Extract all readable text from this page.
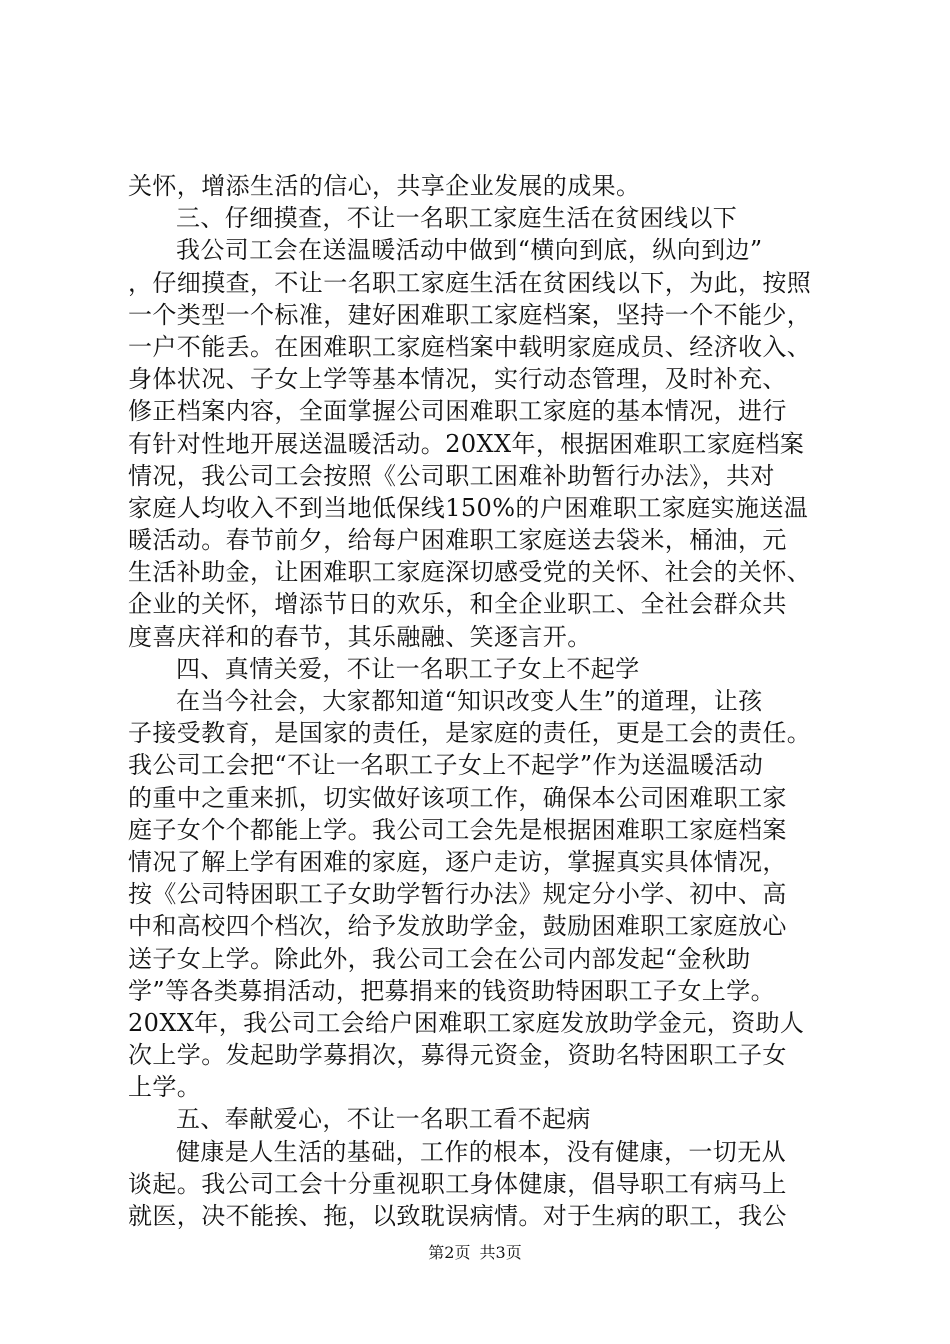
关怀，增添生活的信心，共享企业发展的成果。
三、仔细摸查，不让一名职工家庭生活在贫困线以下
我公司工会在送温暖活动中做到“横向到底，纵向到边”
，仔细摸查，不让一名职工家庭生活在贫困线以下，为此，按照
一个类型一个标准，建好困难职工家庭档案，坚持一个不能少，
一户不能丢。在困难职工家庭档案中载明家庭成员、经济收入、
身体状况、子女上学等基本情况，实行动态管理，及时补充、
修正档案内容，全面掌握公司困难职工家庭的基本情况，进行
有针对性地开展送温暖活动。20XX年，根据困难职工家庭档案
情况，我公司工会按照《公司职工困难补助暂行办法》，共对
家庭人均收入不到当地低保线150%的户困难职工家庭实施送温
暖活动。春节前夕，给每户困难职工家庭送去袋米，桶油，元
生活补助金，让困难职工家庭深切感受党的关怀、社会的关怀、
企业的关怀，增添节日的欢乐，和全企业职工、全社会群众共
度喜庆祥和的春节，其乐融融、笑逐言开。
四、真情关爱，不让一名职工子女上不起学
在当今社会，大家都知道“知识改变人生”的道理，让孩
子接受教育，是国家的责任，是家庭的责任，更是工会的责任。
我公司工会把“不让一名职工子女上不起学”作为送温暖活动
的重中之重来抓，切实做好该项工作，确保本公司困难职工家
庭子女个个都能上学。我公司工会先是根据困难职工家庭档案
情况了解上学有困难的家庭，逐户走访，掌握真实具体情况，
按《公司特困职工子女助学暂行办法》规定分小学、初中、高
中和高校四个档次，给予发放助学金，鼓励困难职工家庭放心
送子女上学。除此外，我公司工会在公司内部发起“金秋助
学”等各类募捐活动，把募捐来的钱资助特困职工子女上学。
20XX年，我公司工会给户困难职工家庭发放助学金元，资助人
次上学。发起助学募捐次，募得元资金，资助名特困职工子女
上学。
五、奉献爱心，不让一名职工看不起病
健康是人生活的基础，工作的根本，没有健康，一切无从
谈起。我公司工会十分重视职工身体健康，倡导职工有病马上
就医，决不能挨、拖，以致耽误病情。对于生病的职工，我公
第2页 共3页
